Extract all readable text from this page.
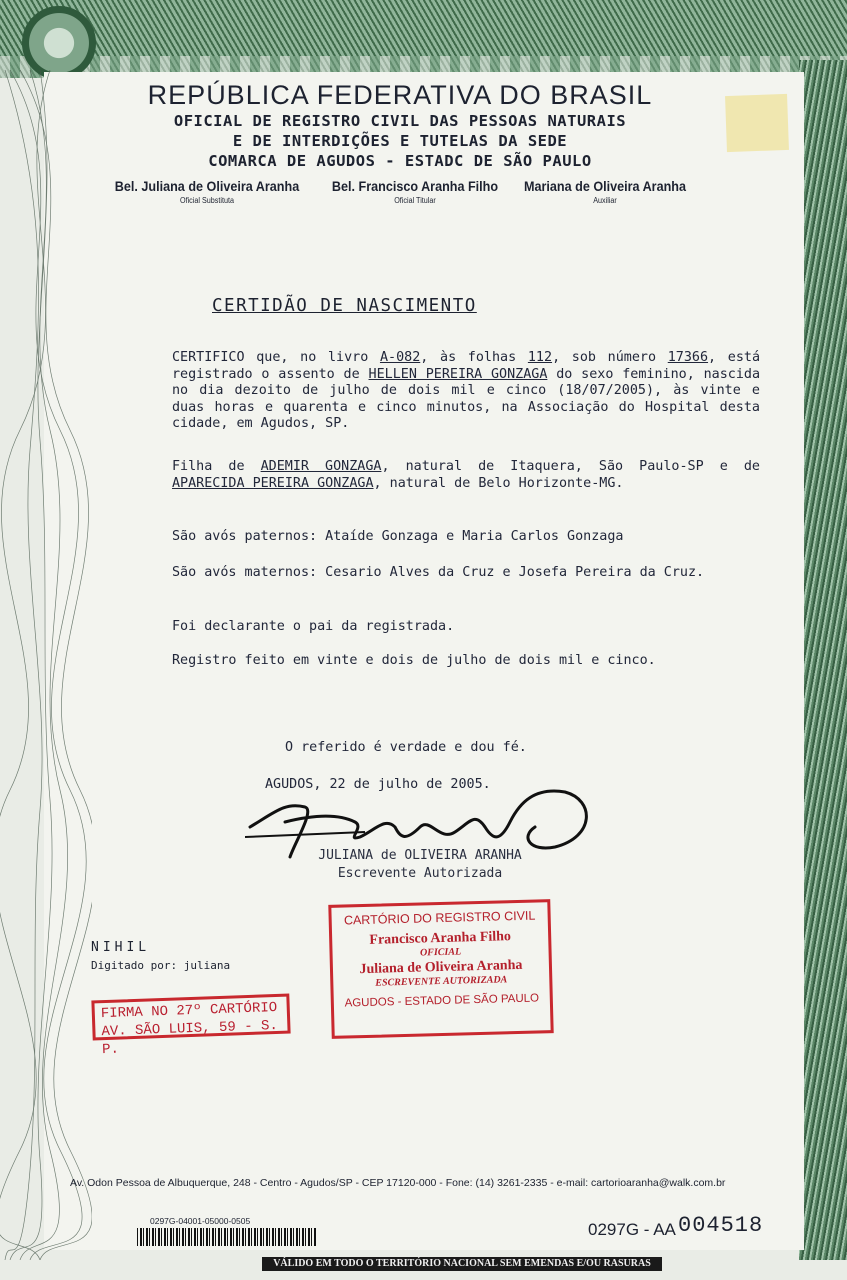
REPÚBLICA FEDERATIVA DO BRASIL
OFICIAL DE REGISTRO CIVIL DAS PESSOAS NATURAIS
E DE INTERDIÇÕES E TUTELAS DA SEDE
COMARCA DE AGUDOS - ESTADC DE SÃO PAULO
Bel. Juliana de Oliveira Aranha
Oficial Substituta
Bel. Francisco Aranha Filho
Oficial Titular
Mariana de Oliveira Aranha
Auxiliar
CERTIDÃO DE NASCIMENTO

CERTIFICO que, no livro A-082, às folhas 112, sob número 17366, está registrado o assento de HELLEN PEREIRA GONZAGA do sexo feminino, nascida no dia dezoito de julho de dois mil e cinco (18/07/2005), às vinte e duas horas e quarenta e cinco minutos, na Associação do Hospital desta cidade, em Agudos, SP.

Filha de ADEMIR GONZAGA, natural de Itaquera, São Paulo-SP e de APARECIDA PEREIRA GONZAGA, natural de Belo Horizonte-MG.

São avós paternos: Ataíde Gonzaga e Maria Carlos Gonzaga

São avós maternos: Cesario Alves da Cruz e Josefa Pereira da Cruz.

Foi declarante o pai da registrada.

Registro feito em vinte e dois de julho de dois mil e cinco.

O referido é verdade e dou fé.
AGUDOS, 22 de julho de 2005.
JULIANA de OLIVEIRA ARANHA
Escrevente Autorizada
NIHIL
Digitado por: juliana
FIRMA NO 27º CARTÓRIO
AV. SÃO LUIS, 59 - S. P.
CARTÓRIO DO REGISTRO CIVIL
Francisco Aranha Filho
OFICIAL
Juliana de Oliveira Aranha
ESCREVENTE AUTORIZADA
AGUDOS - ESTADO DE SÃO PAULO
Av. Odon Pessoa de Albuquerque, 248 - Centro - Agudos/SP - CEP 17120-000 - Fone: (14) 3261-2335 - e-mail: cartorioaranha@walk.com.br
0297G-04001-05000-0505	0297G - AA 004518
VÁLIDO EM TODO O TERRITÓRIO NACIONAL SEM EMENDAS E/OU RASURAS
